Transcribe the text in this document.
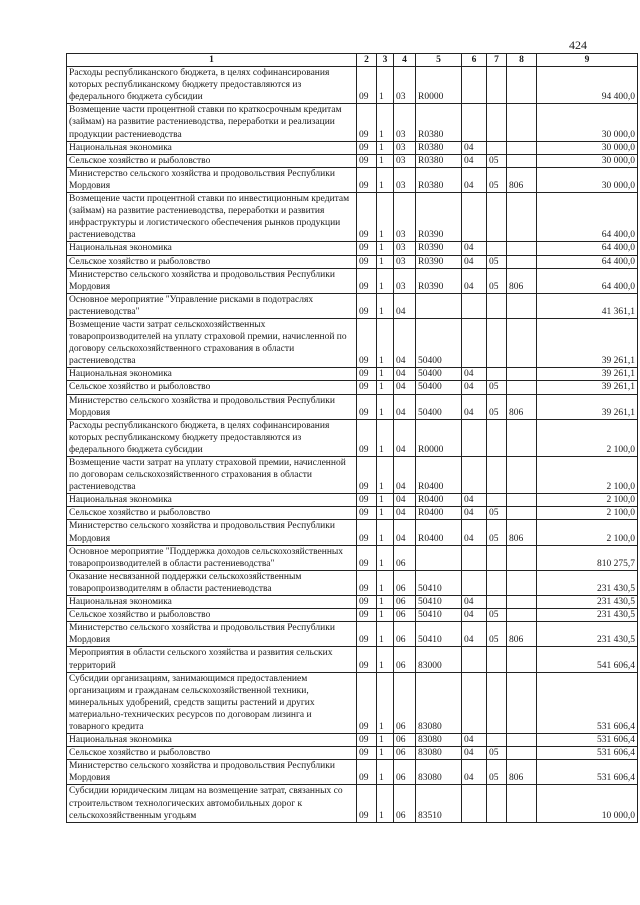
424
1	2	3	4	5	6	7	8	9
Расходы республиканского бюджета, в целях софинансирования которых республиканскому бюджету предоставляются из федерального бюджета субсидии	09	1	03	R0000				94 400,0
Возмещение части процентной ставки по краткосрочным кредитам (займам) на развитие растениеводства, переработки и реализации продукции растениеводства	09	1	03	R0380				30 000,0
Национальная экономика	09	1	03	R0380	04			30 000,0
Сельское хозяйство и рыболовство	09	1	03	R0380	04	05		30 000,0
Министерство сельского хозяйства и продовольствия Республики Мордовия	09	1	03	R0380	04	05	806	30 000,0
Возмещение части процентной ставки по инвестиционным кредитам (займам) на развитие растениеводства, переработки и развития инфраструктуры и логистического обеспечения рынков продукции растениеводства	09	1	03	R0390				64 400,0
Национальная экономика	09	1	03	R0390	04			64 400,0
Сельское хозяйство и рыболовство	09	1	03	R0390	04	05		64 400,0
Министерство сельского хозяйства и продовольствия Республики Мордовия	09	1	03	R0390	04	05	806	64 400,0
Основное мероприятие "Управление рисками в подотраслях растениеводства"	09	1	04					41 361,1
Возмещение части затрат сельскохозяйственных товаропроизводителей на уплату страховой премии, начисленной по договору сельскохозяйственного страхования в области растениеводства	09	1	04	50400				39 261,1
Национальная экономика	09	1	04	50400	04			39 261,1
Сельское хозяйство и рыболовство	09	1	04	50400	04	05		39 261,1
Министерство сельского хозяйства и продовольствия Республики Мордовия	09	1	04	50400	04	05	806	39 261,1
Расходы республиканского бюджета, в целях софинансирования которых республиканскому бюджету предоставляются из федерального бюджета субсидии	09	1	04	R0000				2 100,0
Возмещение части затрат на уплату страховой премии, начисленной по договорам сельскохозяйственного страхования в области растениеводства	09	1	04	R0400				2 100,0
Национальная экономика	09	1	04	R0400	04			2 100,0
Сельское хозяйство и рыболовство	09	1	04	R0400	04	05		2 100,0
Министерство сельского хозяйства и продовольствия Республики Мордовия	09	1	04	R0400	04	05	806	2 100,0
Основное мероприятие "Поддержка доходов сельскохозяйственных товаропроизводителей в области растениеводства"	09	1	06					810 275,7
Оказание несвязанной поддержки сельскохозяйственным товаропроизводителям в области растениеводства	09	1	06	50410				231 430,5
Национальная экономика	09	1	06	50410	04			231 430,5
Сельское хозяйство и рыболовство	09	1	06	50410	04	05		231 430,5
Министерство сельского хозяйства и продовольствия Республики Мордовия	09	1	06	50410	04	05	806	231 430,5
Мероприятия в области сельского хозяйства и развития сельских территорий	09	1	06	83000				541 606,4
Субсидии организациям, занимающимся предоставлением организациям и гражданам сельскохозяйственной техники, минеральных удобрений, средств защиты растений и других материально-технических ресурсов по договорам лизинга и товарного кредита	09	1	06	83080				531 606,4
Национальная экономика	09	1	06	83080	04			531 606,4
Сельское хозяйство и рыболовство	09	1	06	83080	04	05		531 606,4
Министерство сельского хозяйства и продовольствия Республики Мордовия	09	1	06	83080	04	05	806	531 606,4
Субсидии юридическим лицам на возмещение затрат, связанных со строительством технологических автомобильных дорог к сельскохозяйственным угодьям	09	1	06	83510				10 000,0
